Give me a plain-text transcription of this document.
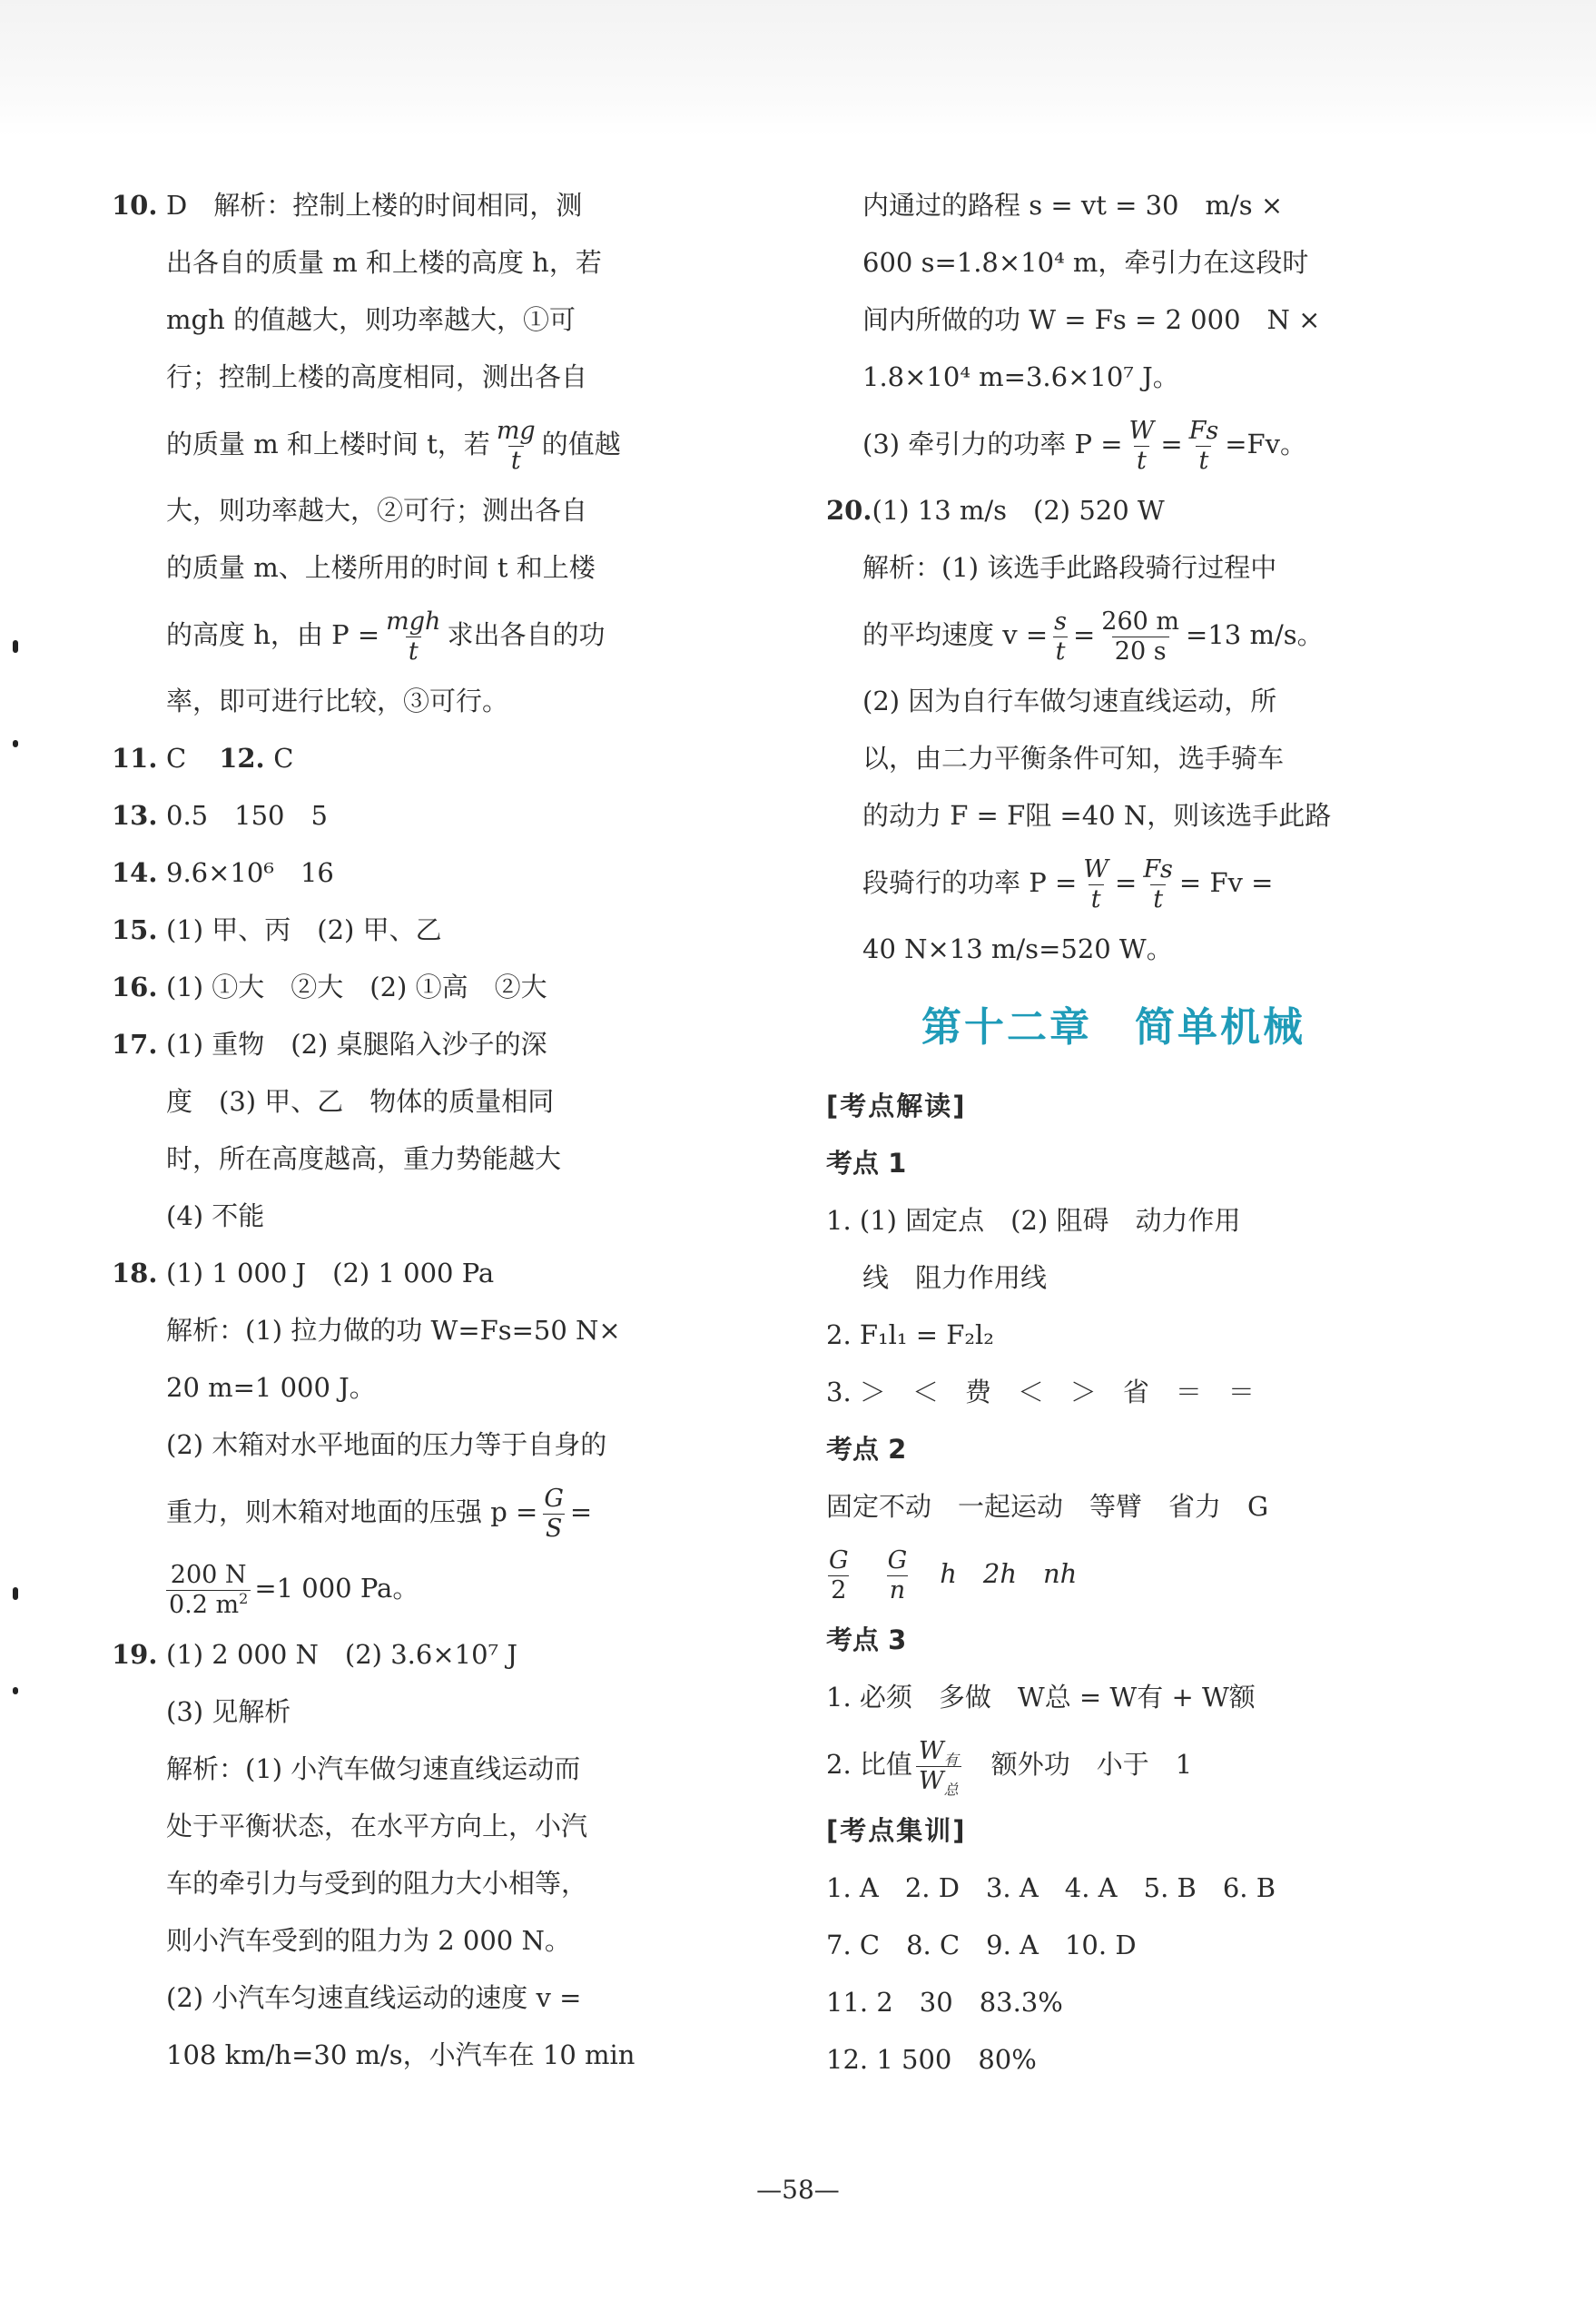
10. D　解析：控制上楼的时间相同，测
出各自的质量 m 和上楼的高度 h，若
mgh 的值越大，则功率越大，①可
行；控制上楼的高度相同，测出各自
的质量 m 和上楼时间 t，若 $\frac{mg}{t}$ 的值越
大，则功率越大，②可行；测出各自
的质量 m、上楼所用的时间 t 和上楼
的高度 h，由 $P = \frac{\text{mgh}}{t}$ 求出各自的功
率，即可进行比较，③可行。
11. C 12. C
13. 0.5　150　5
14. 9.6×10⁶　16
15. (1) 甲、丙　(2) 甲、乙
16. (1) ①大　②大　(2) ①高　②大
17. (1) 重物　(2) 桌腿陷入沙子的深
度　(3) 甲、乙　物体的质量相同
时，所在高度越高，重力势能越大
(4) 不能
18. (1) 1 000 J　(2) 1 000 Pa
解析：(1) 拉力做的功 W=Fs=50 N×
20 m=1 000 J。
(2) 木箱对水平地面的压力等于自身的
重力，则木箱对地面的压强 $p = \frac{G}{S}$ =
$\frac{200 N}{0.2 m^2} =1$ 000 Pa。
19. (1) 2 000 N　(2) 3.6×10⁷ J
(3) 见解析
解析：(1) 小汽车做匀速直线运动而
处于平衡状态，在水平方向上，小汽
车的牵引力与受到的阻力大小相等，
则小汽车受到的阻力为 2 000 N。
(2) 小汽车匀速直线运动的速度 v =
108 km/h=30 m/s，小汽车在 10 min
内通过的路程 s = vt = 30　m/s ×
600 s=1.8×10⁴ m，牵引力在这段时
间内所做的功 W = Fs = 2 000　N ×
1.8×10⁴ m=3.6×10⁷ J。
(3) 牵引力的功率 $P = \frac{W}{t} = \frac{Fs}{t} =Fv$。
20.(1) 13 m/s　(2) 520 W
解析：(1) 该选手此路段骑行过程中
的平均速度 $v = \frac{s}{t} = \frac{260 m}{20 s} =13$ m/s。
(2) 因为自行车做匀速直线运动，所
以，由二力平衡条件可知，选手骑车
的动力 F = F阻 =40 N，则该选手此路
段骑行的功率 $P = \frac{W}{t} = \frac{Fs}{t} = Fv$ =
40 N×13 m/s=520 W。
第十二章　简单机械
[考点解读]
考点 1
1. (1) 固定点　(2) 阻碍　动力作用
线　阻力作用线
2. F₁l₁ = F₂l₂
3. ＞　＜　费　＜　＞　省　＝　＝
考点 2
固定不动　一起运动　等臂　省力　G
$\frac{G}{2}$
　 $\frac{G}{n}$
　 h　2h　nh
考点 3
1. 必须　多做　W总 = W有 + W额
2. 比值 $\frac{W_有}{W_总}$
　 额外功　小于　1
[考点集训]
1. A　2. D　3. A　4. A　5. B　6. B
7. C　8. C　9. A　10. D
11. 2　30　83.3%
12. 1 500　80%
—58—
